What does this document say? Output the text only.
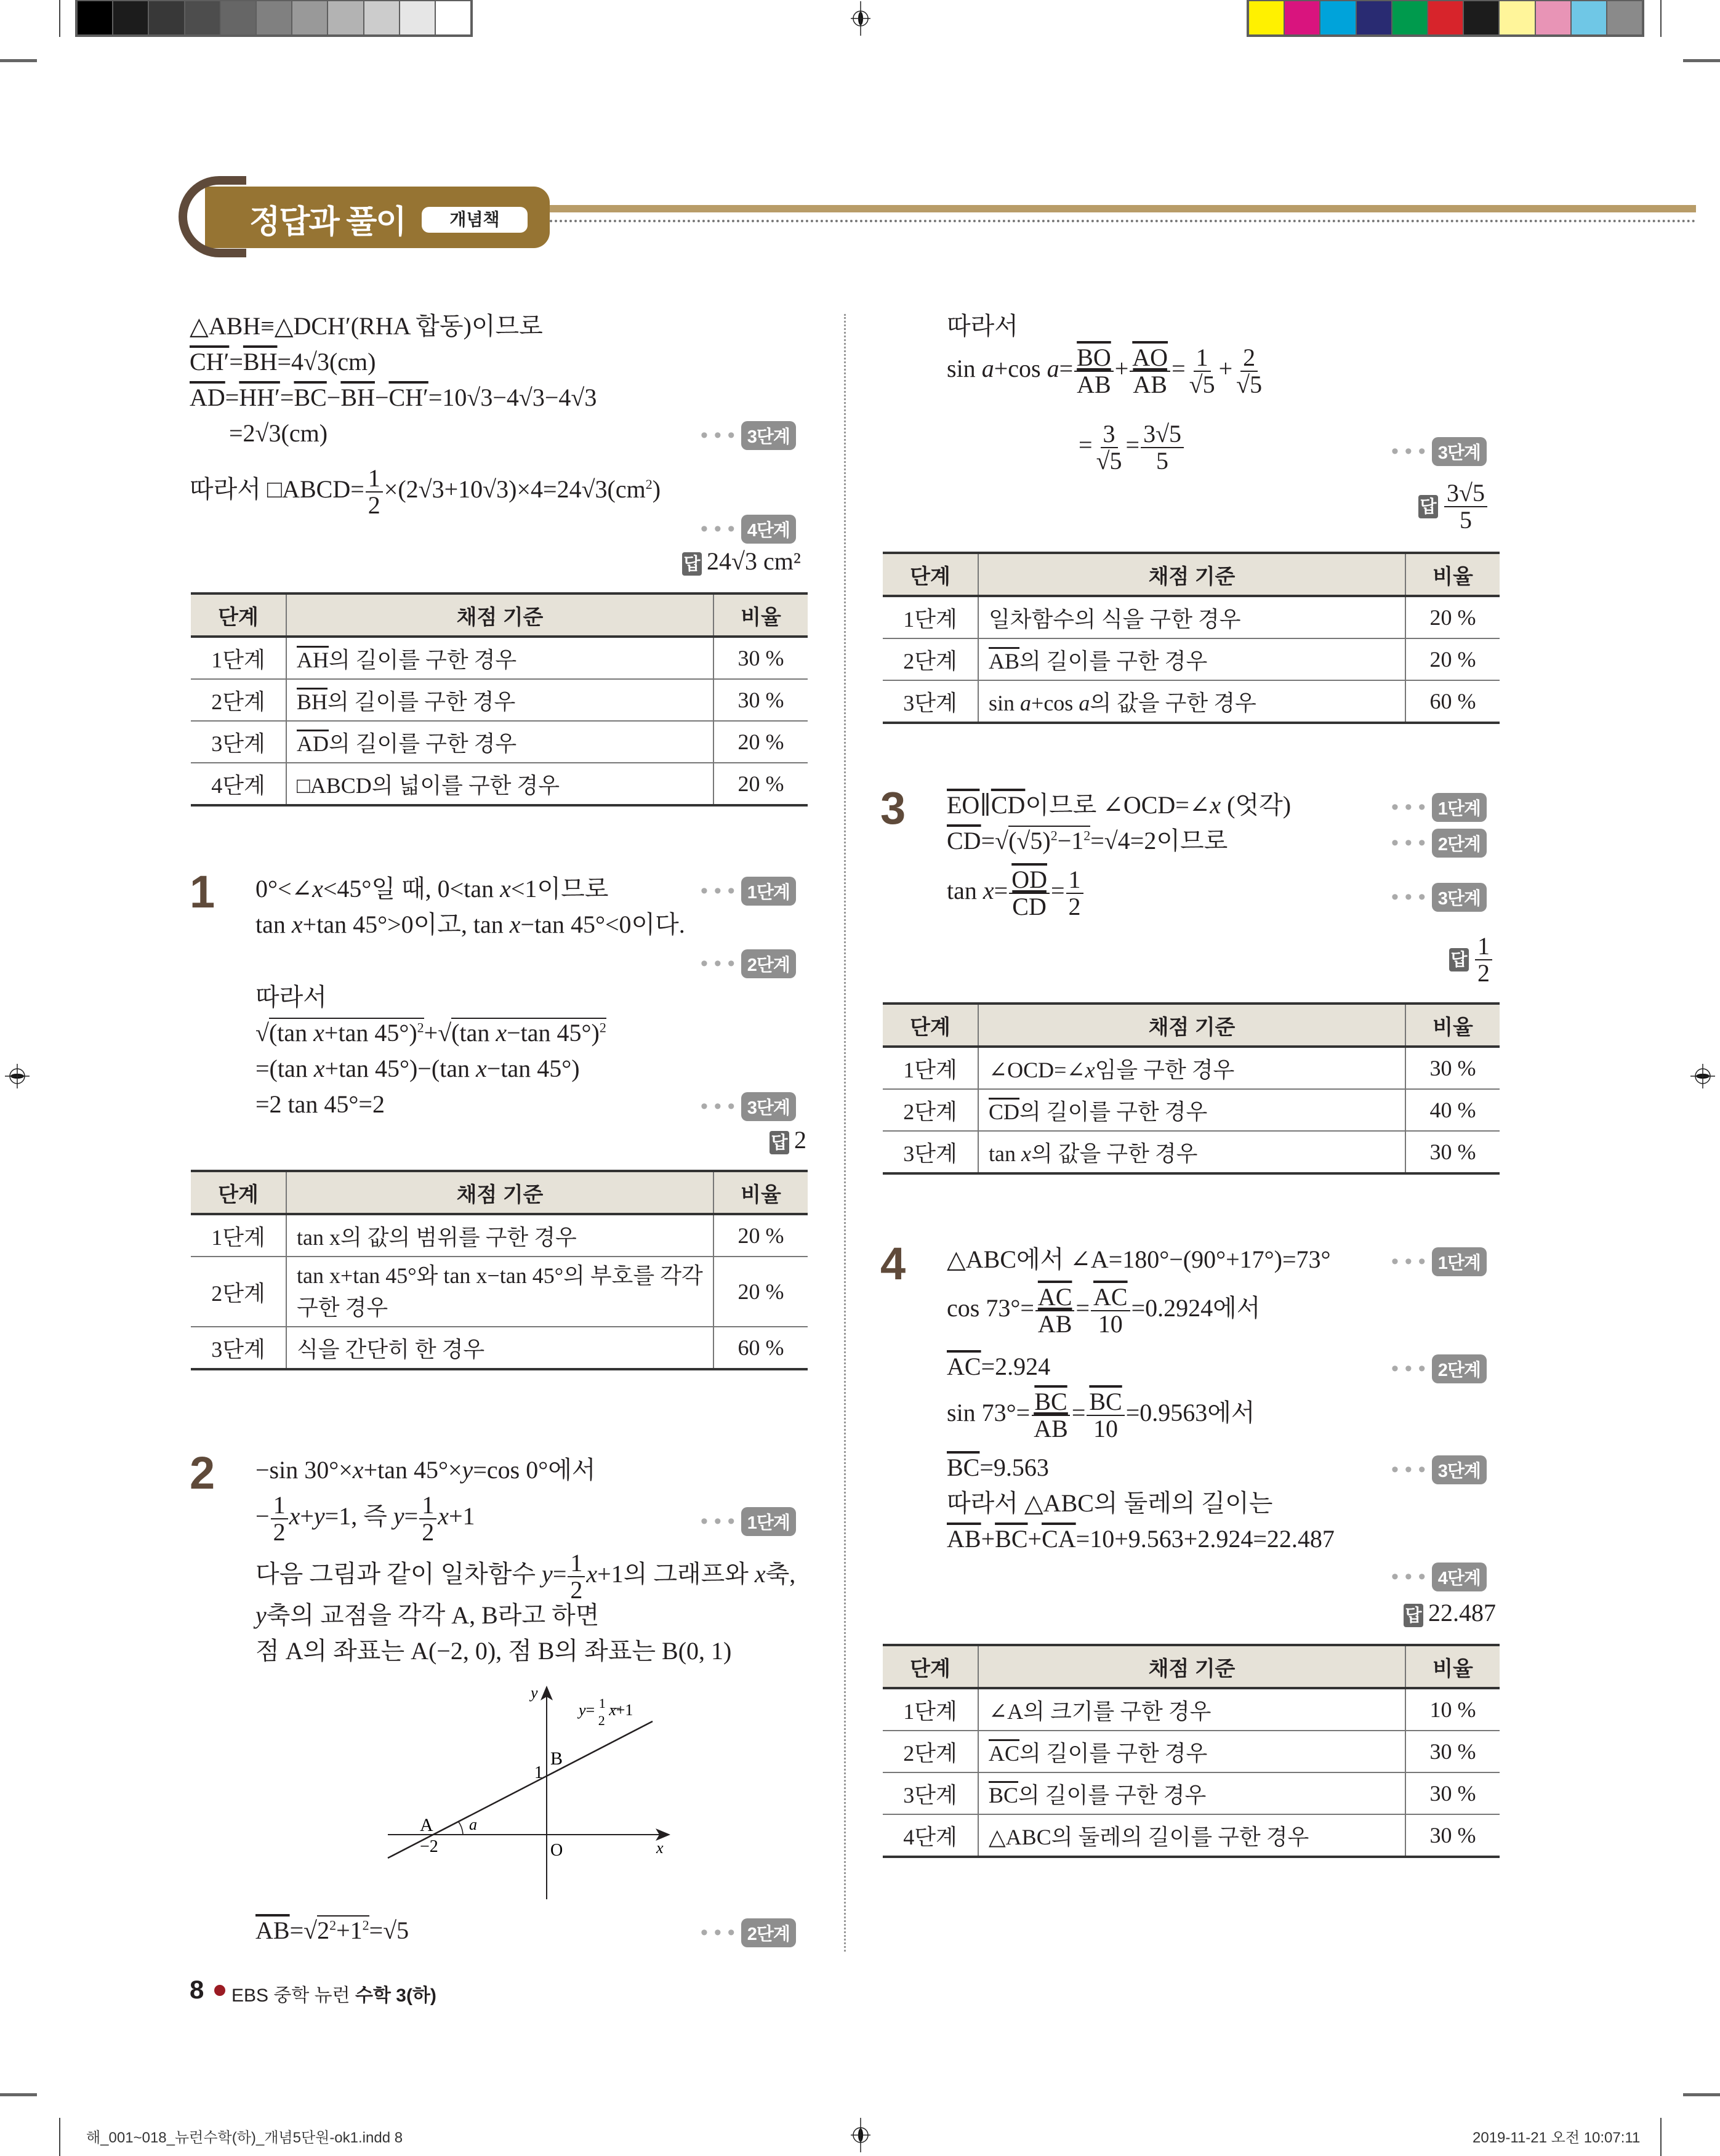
정답과 풀이	개념책
△ABH≡△DCH′(RHA 합동)이므로
$CH'=\overline{BH}=4√3(cm)$
$\overline{AD}=HH'=\overline{BC}-\overline{BH}-CH'=10√3-4√3-4√3$
=2√3(cm)	••• 3단계
따라서 □ABCD= $\frac{1}{2} \times(2√3+10√3)\times 4=24√3(cm^2)$
••• 4단계
답 24√3 cm²
단계	채점 기준	비율
1단계	$\overline{AH}$의 길이를 구한 경우	30 %
2단계	$\overline{BH}$의 길이를 구한 경우	30 %
3단계	$\overline{AD}$의 길이를 구한 경우	20 %
4단계	□ABCD의 넓이를 구한 경우	20 %
1 0°<∠x<45°일 때, 0<tan x<1이므로	••• 1단계
tan x+tan 45°>0이고, tan x−tan 45°<0이다.
••• 2단계
따라서
√(tan x+tan 45°)$^2$+√(tan x−tan 45°)$^2$
=(tan x+tan 45°)−(tan x−tan 45°)
=2 tan 45°=2	••• 3단계
답 2
단계	채점 기준	비율
1단계	tan x의 값의 범위를 구한 경우	20 %
2단계	tan x+tan 45°와 tan x−tan 45°의 부호를 각각 구한 경우	20 %
3단계	식을 간단히 한 경우	60 %
2 −sin 30°×x+tan 45°×y=cos 0°에서
− $\frac{1}{2} x+y=1$, 즉 $y= \frac{1}{2} x+1$	••• 1단계
다음 그림과 같이 일차함수 $y= \frac{1}{2} x+1$의 그래프와 x축,
y축의 교점을 각각 A, B라고 하면
점 A의 좌표는 A(−2, 0), 점 B의 좌표는 B(0, 1)
y
x
O
A
B
−2
1
a
y= $^1$ 2 x+1
$\overline{AB}=√2^2+1^2=√5$	••• 2단계
8 EBS 중학 뉴런 수학 3(하)
따라서
sin a+cos $a= \frac{\overline{BO}}{AB} + \frac{\overline{AO}}{AB} = \frac{1}{√5} + \frac{2}{√5}$
= $\frac{3}{√5} = \frac{3√5}{5}$	••• 3단계
답 $\frac{3√5}{5}$
단계	채점 기준	비율
1단계	일차함수의 식을 구한 경우	20 %
2단계	$\overline{AB}$의 길이를 구한 경우	20 %
3단계	sin a+cos a의 값을 구한 경우	60 %
3 $\overline{EO}\parallel\overline{CD}$이므로 ∠OCD=∠x (엇각)	••• 1단계
$\overline{CD}=√(√5)^2-1^2=√4=2$이므로	••• 2단계
$\tan x= \frac{\overline{OD}}{CD} = \frac{1}{2}$	••• 3단계
답 $\frac{1}{2}$
단계	채점 기준	비율
1단계	∠OCD=∠x임을 구한 경우	30 %
2단계	$\overline{CD}$의 길이를 구한 경우	40 %
3단계	tan x의 값을 구한 경우	30 %
4 △ABC에서 ∠A=180°−(90°+17°)=73°	••• 1단계
$\cos 73^\circ= \frac{\overline{AC}}{AB} = \frac{\overline{AC}}{10} =0.2924$에서
$\overline{AC}=2.924$	••• 2단계
$\sin 73^\circ= \frac{\overline{BC}}{AB} = \frac{\overline{BC}}{10} =0.9563$에서
$\overline{BC}=9.563$	••• 3단계
따라서 △ABC의 둘레의 길이는
$\overline{AB}+\overline{BC}+\overline{CA}=10+9.563+2.924=22.487$
••• 4단계
답 22.487
단계	채점 기준	비율
1단계	∠A의 크기를 구한 경우	10 %
2단계	$\overline{AC}$의 길이를 구한 경우	30 %
3단계	$\overline{BC}$의 길이를 구한 경우	30 %
4단계	△ABC의 둘레의 길이를 구한 경우	30 %
해_001~018_뉴런수학(하)_개념5단원-ok1.indd 8	2019-11-21 오전 10:07:11
